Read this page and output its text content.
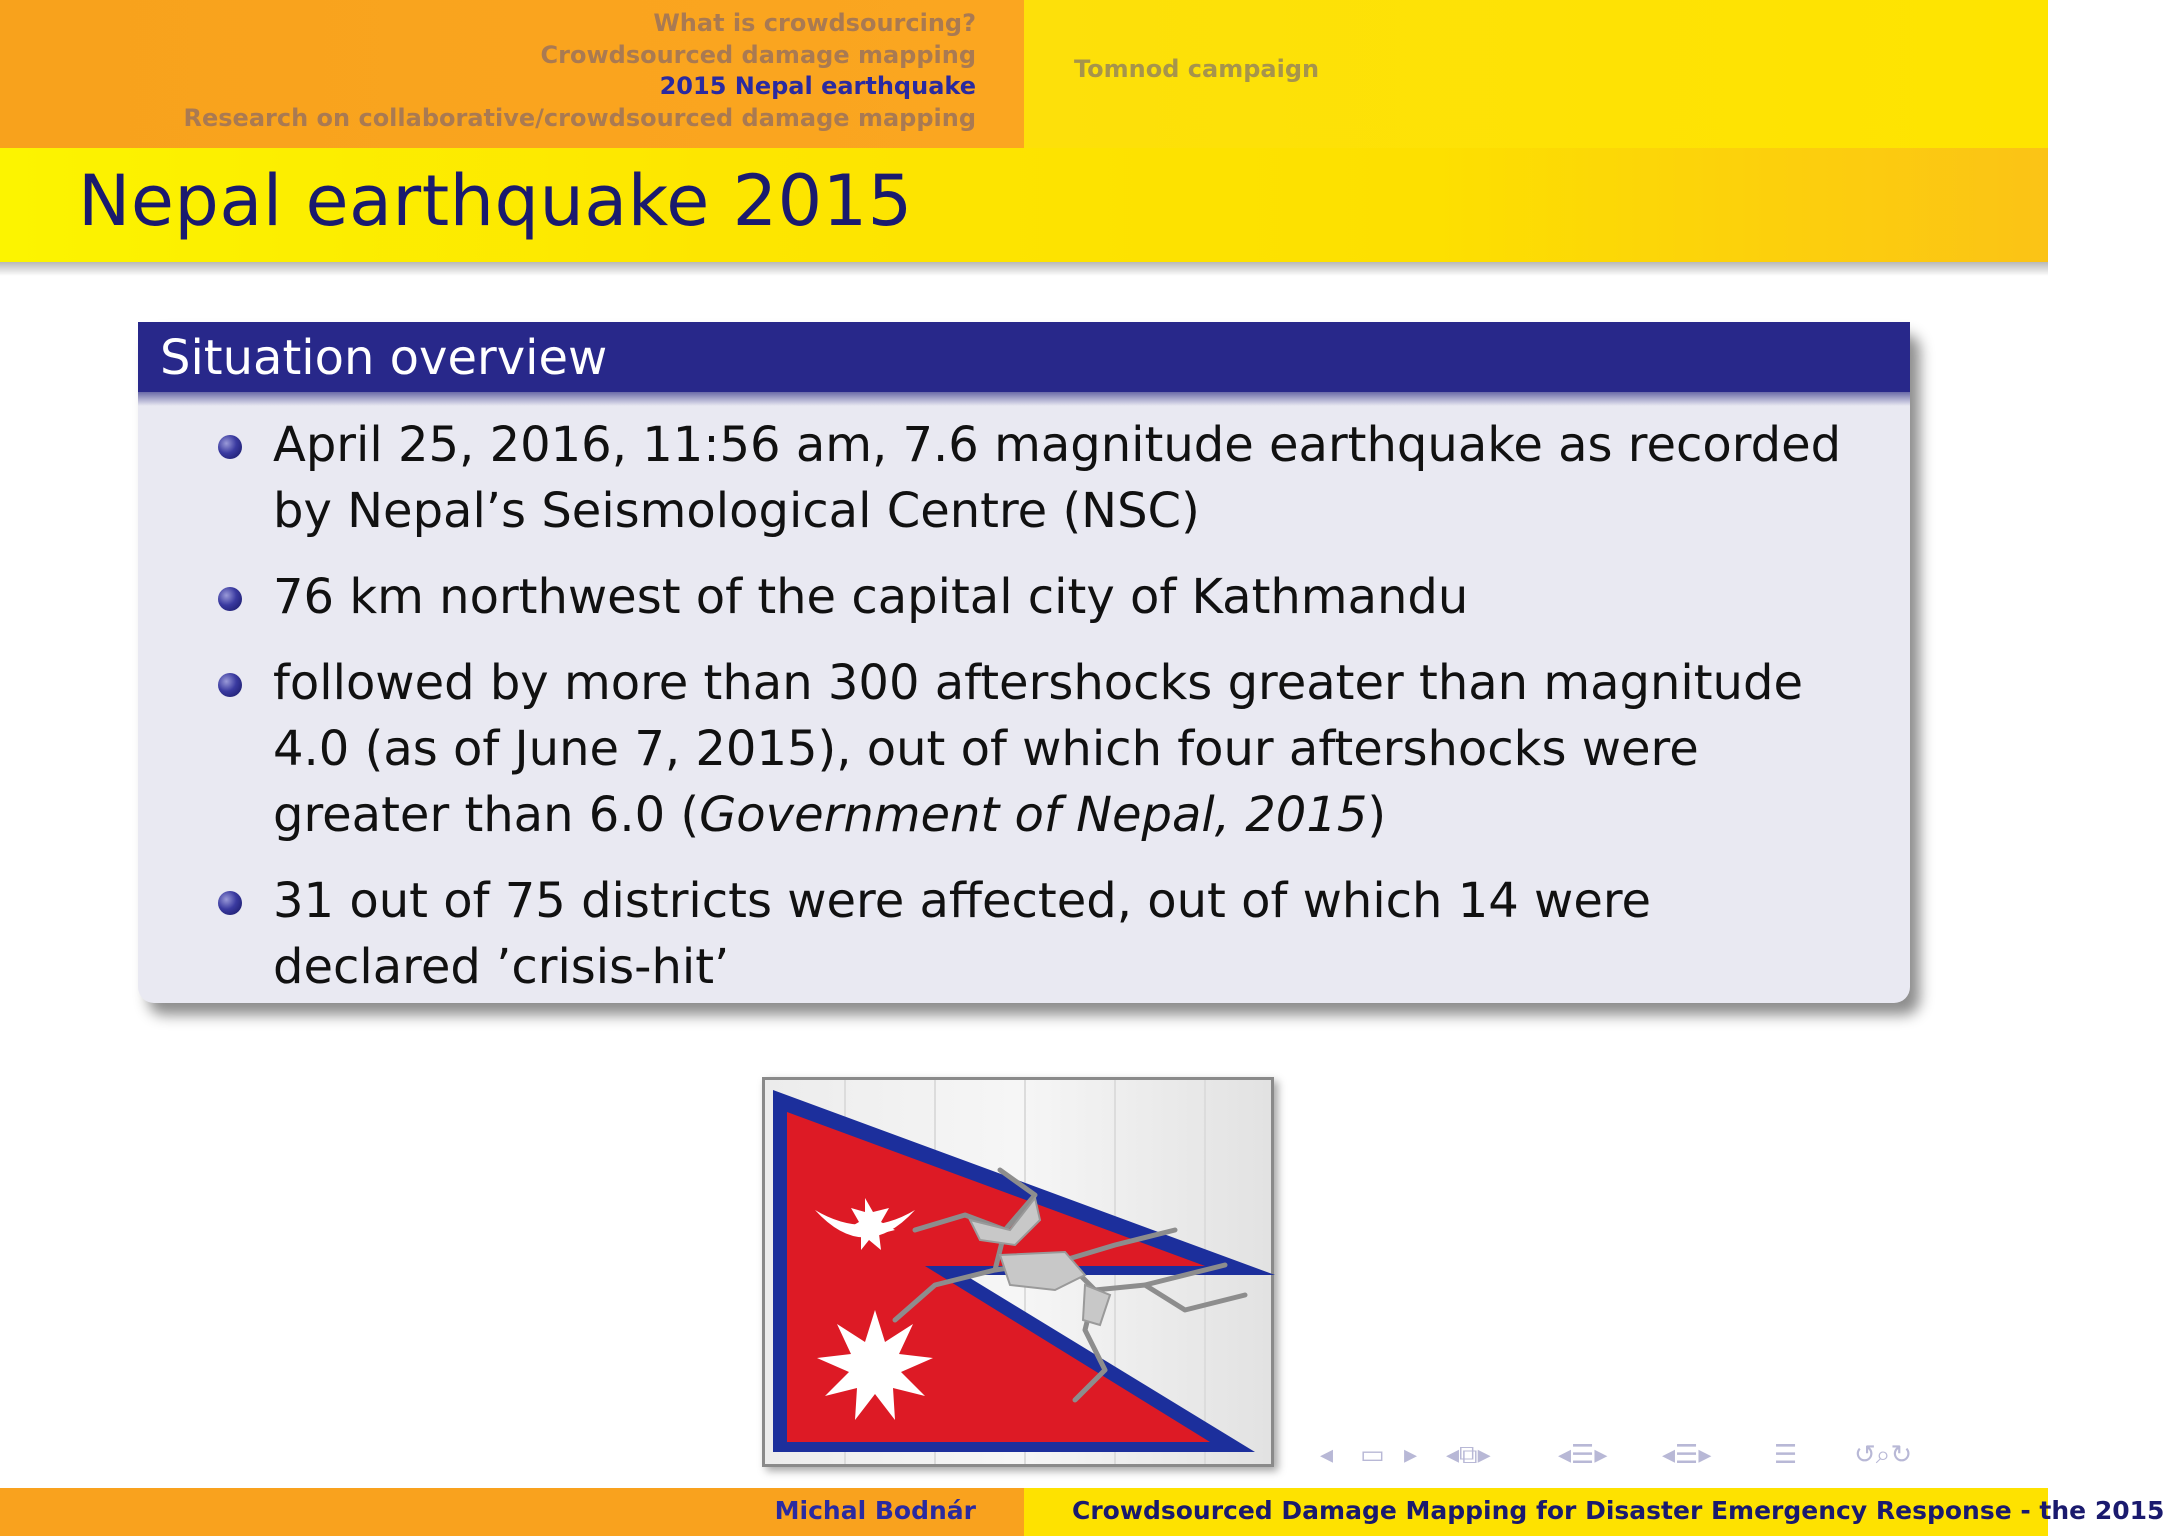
What is crowdsourcing?
Crowdsourced damage mapping
2015 Nepal earthquake
Research on collaborative/crowdsourced damage mapping
Tomnod campaign
Nepal earthquake 2015
Situation overview
April 25, 2016, 11:56 am, 7.6 magnitude earthquake as recorded by Nepal’s Seismological Centre (NSC)
76 km northwest of the capital city of Kathmandu
followed by more than 300 aftershocks greater than magnitude 4.0 (as of June 7, 2015), out of which four aftershocks were greater than 6.0 (Government of Nepal, 2015)
31 out of 75 districts were affected, out of which 14 were declared ’crisis-hit’
◂ ▭ ▸ ◂⧉▸	◂☰▸ ◂☰▸ ☰ ↺⌕↻
Michal Bodnár	Crowdsourced Damage Mapping for Disaster Emergency Response - the 2015
